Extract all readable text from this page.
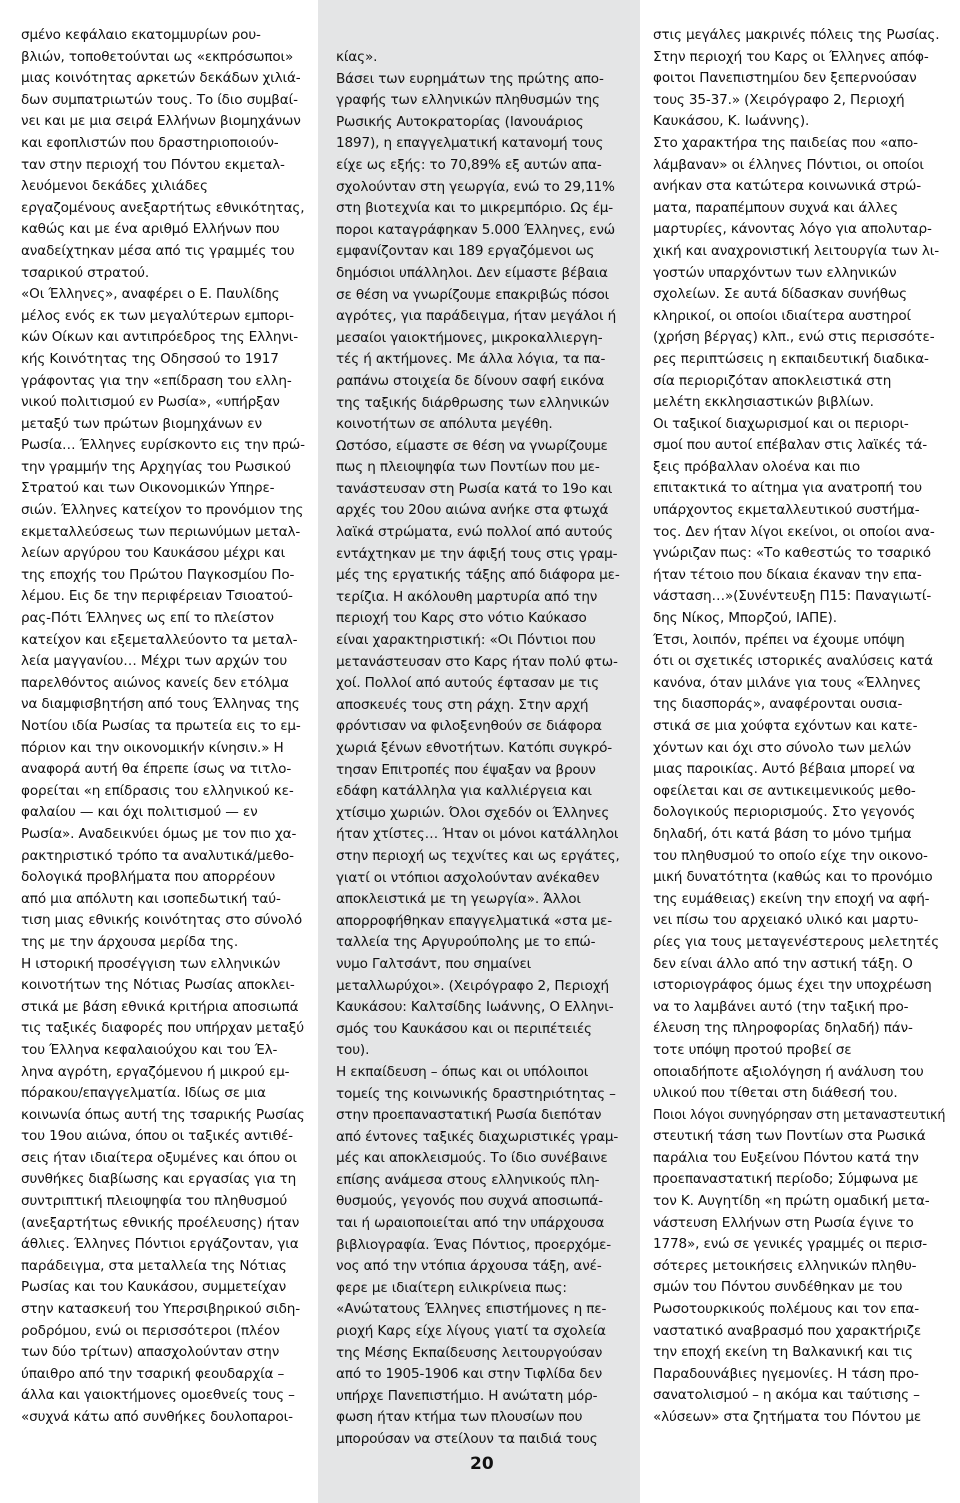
σμένο κεφάλαιο εκατομμυρίων ρου-
βλιών, τοποθετούνται ως «εκπρόσωποι»
μιας κοινότητας αρκετών δεκάδων χιλιά-
δων συμπατριωτών τους. Το ίδιο συμβαί-
νει και με μια σειρά Ελλήνων βιομηχάνων
και εφοπλιστών που δραστηριοποιούν-
ταν στην περιοχή του Πόντου εκμεταλ-
λευόμενοι δεκάδες χιλιάδες
εργαζομένους ανεξαρτήτως εθνικότητας,
καθώς και με ένα αριθμό Ελλήνων που
αναδείχτηκαν μέσα από τις γραμμές του
τσαρικού στρατού.
«Οι Έλληνες», αναφέρει ο Ε. Παυλίδης
μέλος ενός εκ των μεγαλύτερων εμπορι-
κών Οίκων και αντιπρόεδρος της Ελληνι-
κής Κοινότητας της Οδησσού το 1917
γράφοντας για την «επίδραση του ελλη-
νικού πολιτισμού εν Ρωσία», «υπήρξαν
μεταξύ των πρώτων βιομηχάνων εν
Ρωσία… Έλληνες ευρίσκοντο εις την πρώ-
την γραμμήν της Αρχηγίας του Ρωσικού
Στρατού και των Οικονομικών Υπηρε-
σιών. Έλληνες κατείχον το προνόμιον της
εκμεταλλεύσεως των περιωνύμων μεταλ-
λείων αργύρου του Καυκάσου μέχρι και
της εποχής του Πρώτου Παγκοσμίου Πο-
λέμου. Εις δε την περιφέρειαν Τσιοατού-
ρας-Πότι Έλληνες ως επί το πλείστον
κατείχον και εξεμεταλλεύοντο τα μεταλ-
λεία μαγγανίου… Μέχρι των αρχών του
παρελθόντος αιώνος κανείς δεν ετόλμα
να διαμφισβητήση από τους Έλληνας της
Νοτίου ιδία Ρωσίας τα πρωτεία εις το εμ-
πόριον και την οικονομικήν κίνησιν.» Η
αναφορά αυτή θα έπρεπε ίσως να τιτλο-
φορείται «η επίδρασις του ελληνικού κε-
φαλαίου — και όχι πολιτισμού — εν
Ρωσία». Αναδεικνύει όμως με τον πιο χα-
ρακτηριστικό τρόπο τα αναλυτικά/μεθο-
δολογικά προβλήματα που απορρέουν
από μια απόλυτη και ισοπεδωτική ταύ-
τιση μιας εθνικής κοινότητας στο σύνολό
της με την άρχουσα μερίδα της.
Η ιστορική προσέγγιση των ελληνικών
κοινοτήτων της Νότιας Ρωσίας αποκλει-
στικά με βάση εθνικά κριτήρια αποσιωπά
τις ταξικές διαφορές που υπήρχαν μεταξύ
του Έλληνα κεφαλαιούχου και του Έλ-
ληνα αγρότη, εργαζόμενου ή μικρού εμ-
πόρακου/επαγγελματία. Ιδίως σε μια
κοινωνία όπως αυτή της τσαρικής Ρωσίας
του 19ου αιώνα, όπου οι ταξικές αντιθέ-
σεις ήταν ιδιαίτερα οξυμένες και όπου οι
συνθήκες διαβίωσης και εργασίας για τη
συντριπτική πλειοψηφία του πληθυσμού
(ανεξαρτήτως εθνικής προέλευσης) ήταν
άθλιες. Έλληνες Πόντιοι εργάζονταν, για
παράδειγμα, στα μεταλλεία της Νότιας
Ρωσίας και του Καυκάσου, συμμετείχαν
στην κατασκευή του Υπερσιβηρικού σιδη-
ροδρόμου, ενώ οι περισσότεροι (πλέον
των δύο τρίτων) απασχολούνταν στην
ύπαιθρο από την τσαρική φεουδαρχία –
άλλα και γαιοκτήμονες ομοεθνείς τους –
«συχνά κάτω από συνθήκες δουλοπαροι-
κίας».
Βάσει των ευρημάτων της πρώτης απο-
γραφής των ελληνικών πληθυσμών της
Ρωσικής Αυτοκρατορίας (Ιανουάριος
1897), η επαγγελματική κατανομή τους
είχε ως εξής: το 70,89% εξ αυτών απα-
σχολούνταν στη γεωργία, ενώ το 29,11%
στη βιοτεχνία και το μικρεμπόριο. Ως έμ-
ποροι καταγράφηκαν 5.000 Έλληνες, ενώ
εμφανίζονταν και 189 εργαζόμενοι ως
δημόσιοι υπάλληλοι. Δεν είμαστε βέβαια
σε θέση να γνωρίζουμε επακριβώς πόσοι
αγρότες, για παράδειγμα, ήταν μεγάλοι ή
μεσαίοι γαιοκτήμονες, μικροκαλλιεργη-
τές ή ακτήμονες. Με άλλα λόγια, τα πα-
ραπάνω στοιχεία δε δίνουν σαφή εικόνα
της ταξικής διάρθρωσης των ελληνικών
κοινοτήτων σε απόλυτα μεγέθη.
Ωστόσο, είμαστε σε θέση να γνωρίζουμε
πως η πλειοψηφία των Ποντίων που με-
τανάστευσαν στη Ρωσία κατά το 19ο και
αρχές του 20ου αιώνα ανήκε στα φτωχά
λαϊκά στρώματα, ενώ πολλοί από αυτούς
εντάχτηκαν με την άφιξή τους στις γραμ-
μές της εργατικής τάξης από διάφορα με-
τερίζια. Η ακόλουθη μαρτυρία από την
περιοχή του Καρς στο νότιο Καύκασο
είναι χαρακτηριστική: «Οι Πόντιοι που
μετανάστευσαν στο Καρς ήταν πολύ φτω-
χοί. Πολλοί από αυτούς έφτασαν με τις
αποσκευές τους στη ράχη. Στην αρχή
φρόντισαν να φιλοξενηθούν σε διάφορα
χωριά ξένων εθνοτήτων. Κατόπι συγκρό-
τησαν Επιτροπές που έψαξαν να βρουν
εδάφη κατάλληλα για καλλιέργεια και
χτίσιμο χωριών. Όλοι σχεδόν οι Έλληνες
ήταν χτίστες… Ήταν οι μόνοι κατάλληλοι
στην περιοχή ως τεχνίτες και ως εργάτες,
γιατί οι ντόπιοι ασχολούνταν ανέκαθεν
αποκλειστικά με τη γεωργία». Άλλοι
απορροφήθηκαν επαγγελματικά «στα με-
ταλλεία της Αργυρούπολης με το επώ-
νυμο Γαλτσάντ, που σημαίνει
μεταλλωρύχοι». (Χειρόγραφο 2, Περιοχή
Καυκάσου: Καλτσίδης Ιωάννης, Ο Ελληνι-
σμός του Καυκάσου και οι περιπέτειές
του).
Η εκπαίδευση – όπως και οι υπόλοιποι
τομείς της κοινωνικής δραστηριότητας –
στην προεπαναστατική Ρωσία διεπόταν
από έντονες ταξικές διαχωριστικές γραμ-
μές και αποκλεισμούς. Το ίδιο συνέβαινε
επίσης ανάμεσα στους ελληνικούς πλη-
θυσμούς, γεγονός που συχνά αποσιωπά-
ται ή ωραιοποιείται από την υπάρχουσα
βιβλιογραφία. Ένας Πόντιος, προερχόμε-
νος από την ντόπια άρχουσα τάξη, ανέ-
φερε με ιδιαίτερη ειλικρίνεια πως:
«Ανώτατους Έλληνες επιστήμονες η πε-
ριοχή Καρς είχε λίγους γιατί τα σχολεία
της Μέσης Εκπαίδευσης λειτουργούσαν
από το 1905-1906 και στην Τιφλίδα δεν
υπήρχε Πανεπιστήμιο. Η ανώτατη μόρ-
φωση ήταν κτήμα των πλουσίων που
μπορούσαν να στείλουν τα παιδιά τους
στις μεγάλες μακρινές πόλεις της Ρωσίας.
Στην περιοχή του Καρς οι Έλληνες απόφ-
φοιτοι Πανεπιστημίου δεν ξεπερνούσαν
τους 35-37.» (Χειρόγραφο 2, Περιοχή
Καυκάσου, Κ. Ιωάννης).
Στο χαρακτήρα της παιδείας που «απο-
λάμβαναν» οι έλληνες Πόντιοι, οι οποίοι
ανήκαν στα κατώτερα κοινωνικά στρώ-
ματα, παραπέμπουν συχνά και άλλες
μαρτυρίες, κάνοντας λόγο για απολυταρ-
χική και αναχρονιστική λειτουργία των λι-
γοστών υπαρχόντων των ελληνικών
σχολείων. Σε αυτά δίδασκαν συνήθως
κληρικοί, οι οποίοι ιδιαίτερα αυστηροί
(χρήση βέργας) κλπ., ενώ στις περισσότε-
ρες περιπτώσεις η εκπαιδευτική διαδικα-
σία περιοριζόταν αποκλειστικά στη
μελέτη εκκλησιαστικών βιβλίων.
Οι ταξικοί διαχωρισμοί και οι περιορι-
σμοί που αυτοί επέβαλαν στις λαϊκές τά-
ξεις πρόβαλλαν ολοένα και πιο
επιτακτικά το αίτημα για ανατροπή του
υπάρχοντος εκμεταλλευτικού συστήμα-
τος. Δεν ήταν λίγοι εκείνοι, οι οποίοι ανα-
γνώριζαν πως: «Το καθεστώς το τσαρικό
ήταν τέτοιο που δίκαια έκαναν την επα-
νάσταση…»(Συνέντευξη Π15: Παναγιωτί-
δης Νίκος, Μπορζού, ΙΑΠΕ).
Έτσι, λοιπόν, πρέπει να έχουμε υπόψη
ότι οι σχετικές ιστορικές αναλύσεις κατά
κανόνα, όταν μιλάνε για τους «Έλληνες
της διασποράς», αναφέρονται ουσια-
στικά σε μια χούφτα εχόντων και κατε-
χόντων και όχι στο σύνολο των μελών
μιας παροικίας. Αυτό βέβαια μπορεί να
οφείλεται και σε αντικειμενικούς μεθο-
δολογικούς περιορισμούς. Στο γεγονός
δηλαδή, ότι κατά βάση το μόνο τμήμα
του πληθυσμού το οποίο είχε την οικονο-
μική δυνατότητα (καθώς και το προνόμιο
της ευμάθειας) εκείνη την εποχή να αφή-
νει πίσω του αρχειακό υλικό και μαρτυ-
ρίες για τους μεταγενέστερους μελετητές
δεν είναι άλλο από την αστική τάξη. Ο
ιστοριογράφος όμως έχει την υποχρέωση
να το λαμβάνει αυτό (την ταξική προ-
έλευση της πληροφορίας δηλαδή) πάν-
τοτε υπόψη προτού προβεί σε
οποιαδήποτε αξιολόγηση ή ανάλυση του
υλικού που τίθεται στη διάθεσή του.
Ποιοι λόγοι συνηγόρησαν στη μεταναστευτική
στευτική τάση των Ποντίων στα Ρωσικά
παράλια του Ευξείνου Πόντου κατά την
προεπαναστατική περίοδο; Σύμφωνα με
τον Κ. Αυγητίδη «η πρώτη ομαδική μετα-
νάστευση Ελλήνων στη Ρωσία έγινε το
1778», ενώ σε γενικές γραμμές οι περισ-
σότερες μετοικήσεις ελληνικών πληθυ-
σμών του Πόντου συνδέθηκαν με του
Ρωσοτουρκικούς πολέμους και τον επα-
ναστατικό αναβρασμό που χαρακτήριζε
την εποχή εκείνη τη Βαλκανική και τις
Παραδουνάβιες ηγεμονίες. Η τάση προ-
σανατολισμού – η ακόμα και ταύτισης –
«λύσεων» στα ζητήματα του Πόντου με
20
